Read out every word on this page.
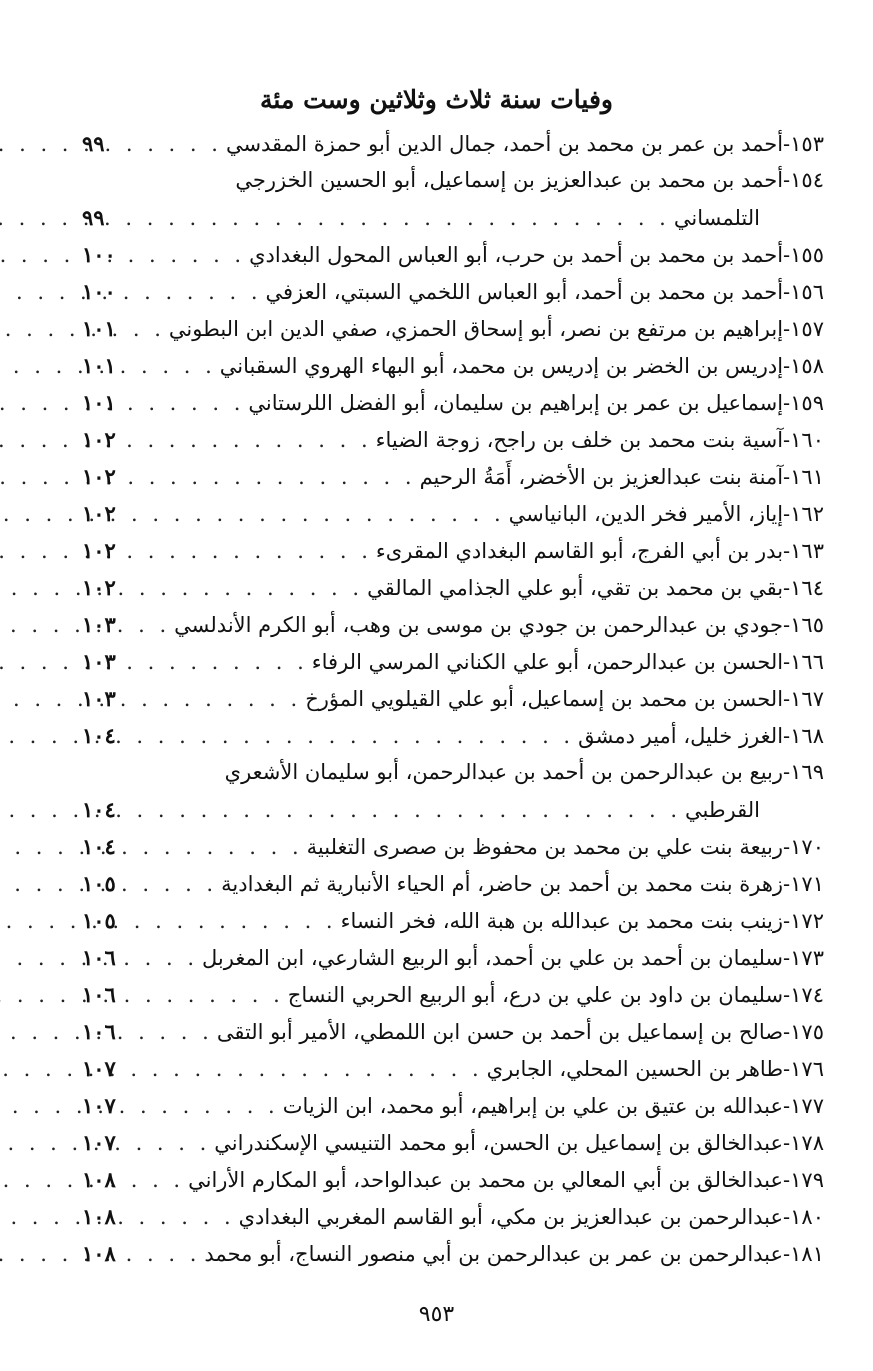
وفيات سنة ثلاث وثلاثين وست مئة
١٥٣-
أحمد بن عمر بن محمد بن أحمد، جمال الدين أبو حمزة المقدسي
. . .
٩٩
١٥٤-
أحمد بن محمد بن عبدالعزيز بن إسماعيل، أبو الحسين الخزرجي
التلمساني
. . .
٩٩
١٥٥-
أحمد بن محمد بن أحمد بن حرب، أبو العباس المحول البغدادي
. . .
١٠٠
١٥٦-
أحمد بن محمد بن أحمد، أبو العباس اللخمي السبتي، العزفي
. . .
١٠٠
١٥٧-
إبراهيم بن مرتفع بن نصر، أبو إسحاق الحمزي، صفي الدين ابن البطوني
. . .
١٠١
١٥٨-
إدريس بن الخضر بن إدريس بن محمد، أبو البهاء الهروي السقباني
. . .
١٠١
١٥٩-
إسماعيل بن عمر بن إبراهيم بن سليمان، أبو الفضل اللرستاني
. . .
١٠١
١٦٠-
آسية بنت محمد بن خلف بن راجح، زوجة الضياء
. . .
١٠٢
١٦١-
آمنة بنت عبدالعزيز بن الأخضر، أَمَةُ الرحيم
. . .
١٠٢
١٦٢-
إياز، الأمير فخر الدين، البانياسي
. . .
١٠٢
١٦٣-
بدر بن أبي الفرج، أبو القاسم البغدادي المقرىء
. . .
١٠٢
١٦٤-
بقي بن محمد بن تقي، أبو علي الجذامي المالقي
. . .
١٠٢
١٦٥-
جودي بن عبدالرحمن بن جودي بن موسى بن وهب، أبو الكرم الأندلسي
. . .
١٠٣
١٦٦-
الحسن بن عبدالرحمن، أبو علي الكناني المرسي الرفاء
. . .
١٠٣
١٦٧-
الحسن بن محمد بن إسماعيل، أبو علي القيلويي المؤرخ
. . .
١٠٣
١٦٨-
الغرز خليل، أمير دمشق
. . .
١٠٤
١٦٩-
ربيع بن عبدالرحمن بن أحمد بن عبدالرحمن، أبو سليمان الأشعري
القرطبي
. . .
١٠٤
١٧٠-
ربيعة بنت علي بن محمد بن محفوظ بن صصرى التغلبية
. . .
١٠٤
١٧١-
زهرة بنت محمد بن أحمد بن حاضر، أم الحياء الأنبارية ثم البغدادية
. . .
١٠٥
١٧٢-
زينب بنت محمد بن عبدالله بن هبة الله، فخر النساء
. . .
١٠٥
١٧٣-
سليمان بن أحمد بن علي بن أحمد، أبو الربيع الشارعي، ابن المغربل
. . .
١٠٦
١٧٤-
سليمان بن داود بن علي بن درع، أبو الربيع الحربي النساج
. . .
١٠٦
١٧٥-
صالح بن إسماعيل بن أحمد بن حسن ابن اللمطي، الأمير أبو التقى
. . .
١٠٦
١٧٦-
طاهر بن الحسين المحلي، الجابري
. . .
١٠٧
١٧٧-
عبدالله بن عتيق بن علي بن إبراهيم، أبو محمد، ابن الزيات
. . .
١٠٧
١٧٨-
عبدالخالق بن إسماعيل بن الحسن، أبو محمد التنيسي الإسكندراني
. . .
١٠٧
١٧٩-
عبدالخالق بن أبي المعالي بن محمد بن عبدالواحد، أبو المكارم الأراني
. . .
١٠٨
١٨٠-
عبدالرحمن بن عبدالعزيز بن مكي، أبو القاسم المغربي البغدادي
. . .
١٠٨
١٨١-
عبدالرحمن بن عمر بن عبدالرحمن بن أبي منصور النساج، أبو محمد
. . .
١٠٨
٩٥٣
